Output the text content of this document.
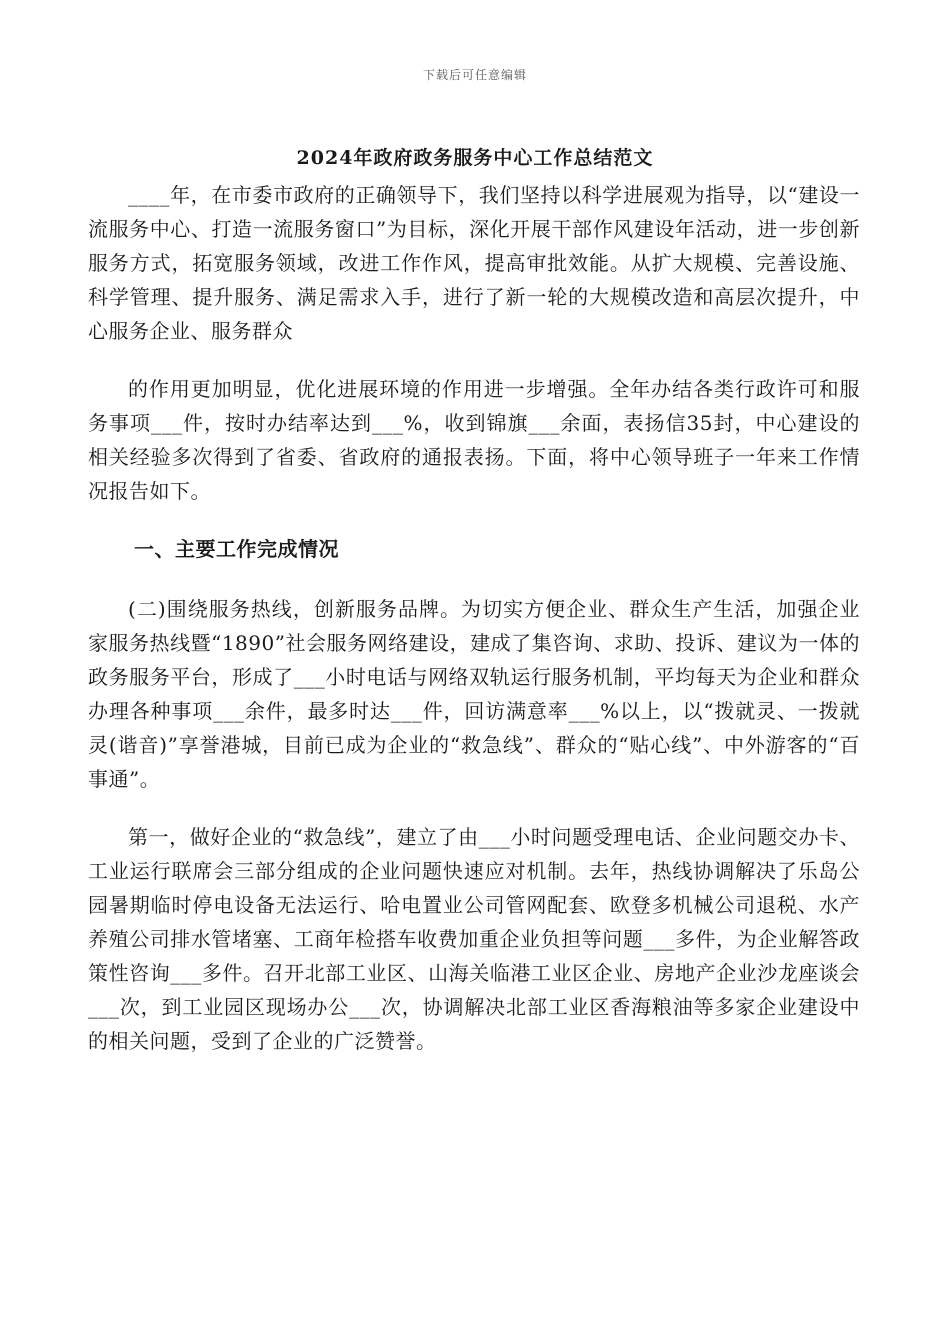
下载后可任意编辑
2024年政府政务服务中心工作总结范文

____年，在市委市政府的正确领导下，我们坚持以科学进展观为指导，以“建设一流服务中心、打造一流服务窗口”为目标，深化开展干部作风建设年活动，进一步创新服务方式，拓宽服务领域，改进工作作风，提高审批效能。从扩大规模、完善设施、科学管理、提升服务、满足需求入手，进行了新一轮的大规模改造和高层次提升，中心服务企业、服务群众

的作用更加明显，优化进展环境的作用进一步增强。全年办结各类行政许可和服务事项___件，按时办结率达到___%，收到锦旗___余面，表扬信35封，中心建设的相关经验多次得到了省委、省政府的通报表扬。下面，将中心领导班子一年来工作情况报告如下。

一、主要工作完成情况

(二)围绕服务热线，创新服务品牌。为切实方便企业、群众生产生活，加强企业家服务热线暨“1890”社会服务网络建设，建成了集咨询、求助、投诉、建议为一体的政务服务平台，形成了___小时电话与网络双轨运行服务机制，平均每天为企业和群众办理各种事项___余件，最多时达___件，回访满意率___%以上，以“拨就灵、一拨就灵(谐音)”享誉港城，目前已成为企业的“救急线”、群众的“贴心线”、中外游客的“百事通”。

第一，做好企业的“救急线”，建立了由___小时问题受理电话、企业问题交办卡、工业运行联席会三部分组成的企业问题快速应对机制。去年，热线协调解决了乐岛公园暑期临时停电设备无法运行、哈电置业公司管网配套、欧登多机械公司退税、水产养殖公司排水管堵塞、工商年检搭车收费加重企业负担等问题___多件，为企业解答政策性咨询___多件。召开北部工业区、山海关临港工业区企业、房地产企业沙龙座谈会___次，到工业园区现场办公___次，协调解决北部工业区香海粮油等多家企业建设中的相关问题，受到了企业的广泛赞誉。
